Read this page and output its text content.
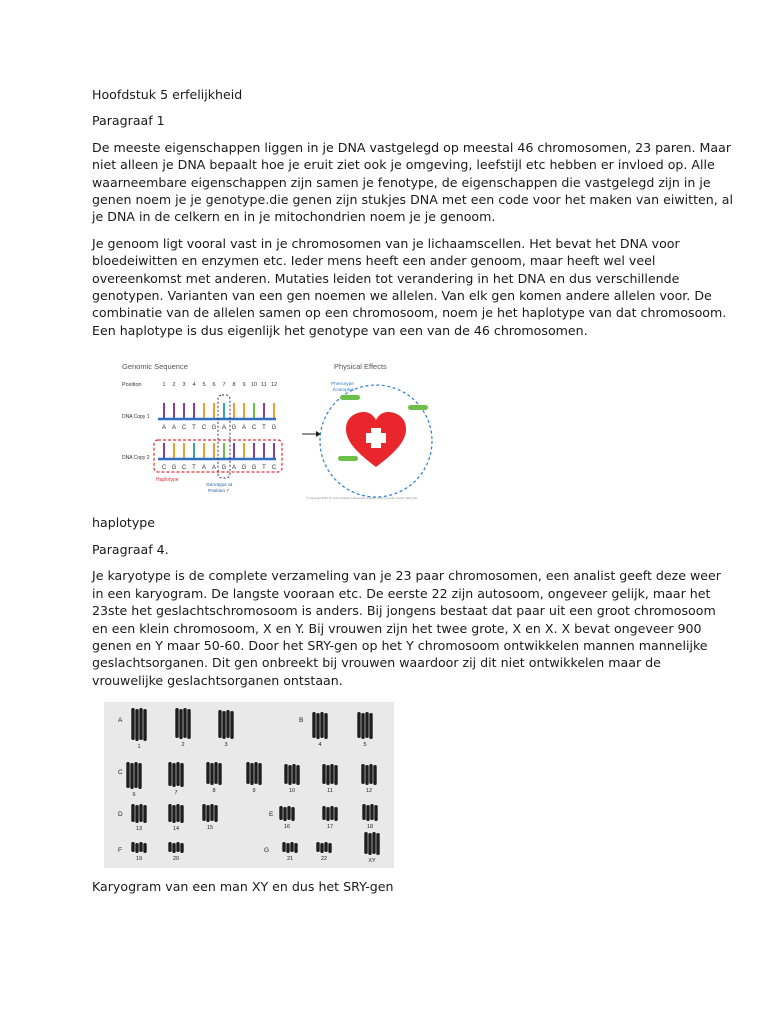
Hoofdstuk 5 erfelijkheid

Paragraaf 1

De meeste eigenschappen liggen in je DNA vastgelegd op meestal 46 chromosomen, 23 paren. Maar

niet alleen je DNA bepaalt hoe je eruit ziet ook je omgeving, leefstijl etc hebben er invloed op. Alle

waarneembare eigenschappen zijn samen je fenotype, de eigenschappen die vastgelegd zijn in je

genen noem je je genotype.die genen zijn stukjes DNA met een code voor het maken van eiwitten, al

je DNA in de celkern en in je mitochondrien noem je je genoom.

Je genoom ligt vooral vast in je chromosomen van je lichaamscellen. Het bevat het DNA voor

bloedeiwitten en enzymen etc. Ieder mens heeft een ander genoom, maar heeft wel veel

overeenkomst met anderen. Mutaties leiden tot verandering in het DNA en dus verschillende

genotypen. Varianten van een gen noemen we allelen. Van elk gen komen andere allelen voor. De

combinatie van de allelen samen op een chromosoom, noem je het haplotype van dat chromosoom.

Een haplotype is dus eigenlijk het genotype van een van de 46 chromosomen.

Genomic Sequence	Physical Effects
Position	1 2 3 4 5 6 7 8 9 10 11 12
DNA Copy 1
DNA Copy 2
A A C T C G A G A C T G
C G C T A A G A G G T C
Haplotype
Genotype at
Position 7
Phenotype
Examples
© Copyright 2023 St. Jude Children's Research Hospital, a not-for-profit, section 501(c)(3)

haplotype

Paragraaf 4.

Je karyotype is de complete verzameling van je 23 paar chromosomen, een analist geeft deze weer

in een karyogram. De langste vooraan etc. De eerste 22 zijn autosoom, ongeveer gelijk, maar het

23ste het geslachtschromosoom is anders. Bij jongens bestaat dat paar uit een groot chromosoom

en een klein chromosoom, X en Y. Bij vrouwen zijn het twee grote, X en X. X bevat ongeveer 900

genen en Y maar 50-60. Door het SRY-gen op het Y chromosoom ontwikkelen mannen mannelijke

geslachtsorganen. Dit gen onbreekt bij vrouwen waardoor zij dit niet ontwikkelen maar de

vrouwelijke geslachtsorganen ontstaan.

A
1	2	3
B
4	5
C
6	7	8	9	10	11	12
D
13	14	15
E
16	17	18
F
19	20
G
21	22	XY

Karyogram van een man XY en dus het SRY-gen
